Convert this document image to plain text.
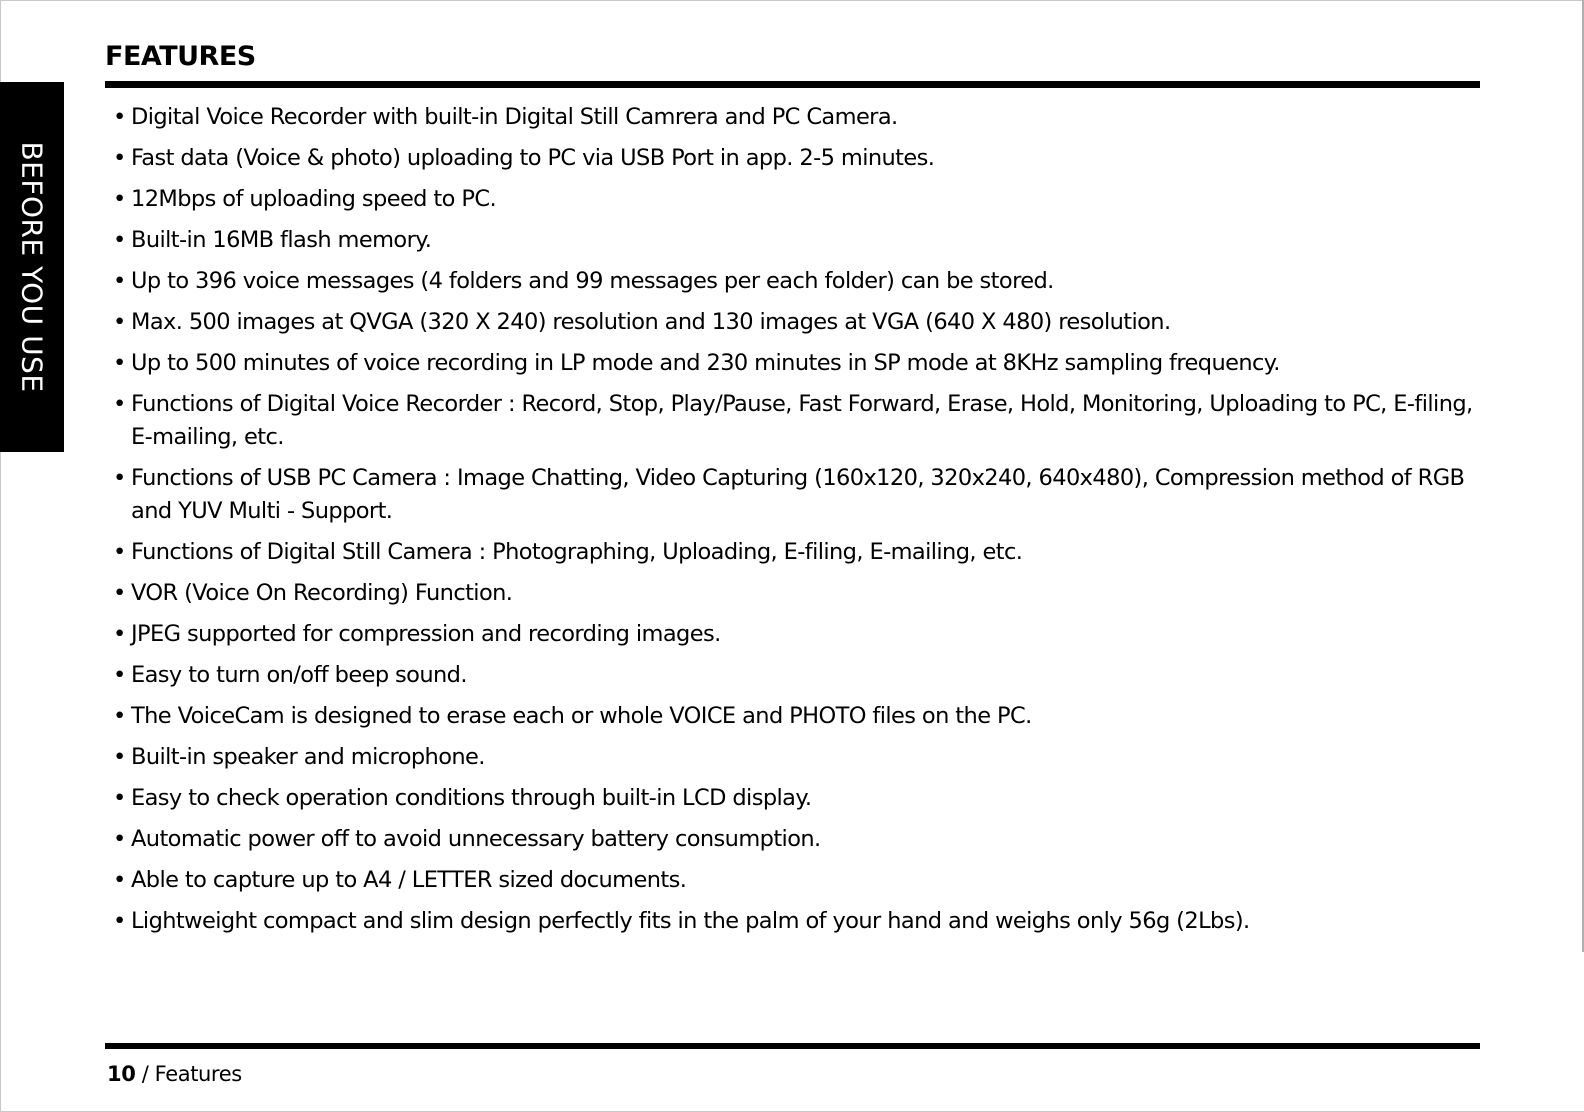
BEFORE YOU USE
FEATURES
• Digital Voice Recorder with built-in Digital Still Camrera and PC Camera.
• Fast data (Voice & photo) uploading to PC via USB Port in app. 2-5 minutes.
• 12Mbps of uploading speed to PC.
• Built-in 16MB flash memory.
• Up to 396 voice messages (4 folders and 99 messages per each folder) can be stored.
• Max. 500 images at QVGA (320 X 240) resolution and 130 images at VGA (640 X 480) resolution.
• Up to 500 minutes of voice recording in LP mode and 230 minutes in SP mode at 8KHz sampling frequency.
• Functions of Digital Voice Recorder : Record, Stop, Play/Pause, Fast Forward, Erase, Hold, Monitoring, Uploading to PC, E-filing, E-mailing, etc.
• Functions of USB PC Camera : Image Chatting, Video Capturing (160x120, 320x240, 640x480), Compression method of RGB and YUV Multi - Support.
• Functions of Digital Still Camera : Photographing, Uploading, E-filing, E-mailing, etc.
• VOR (Voice On Recording) Function.
• JPEG supported for compression and recording images.
• Easy to turn on/off beep sound.
• The VoiceCam is designed to erase each or whole VOICE and PHOTO files on the PC.
• Built-in speaker and microphone.
• Easy to check operation conditions through built-in LCD display.
• Automatic power off to avoid unnecessary battery consumption.
• Able to capture up to A4 / LETTER sized documents.
• Lightweight compact and slim design perfectly fits in the palm of your hand and weighs only 56g (2Lbs).
10 / Features
